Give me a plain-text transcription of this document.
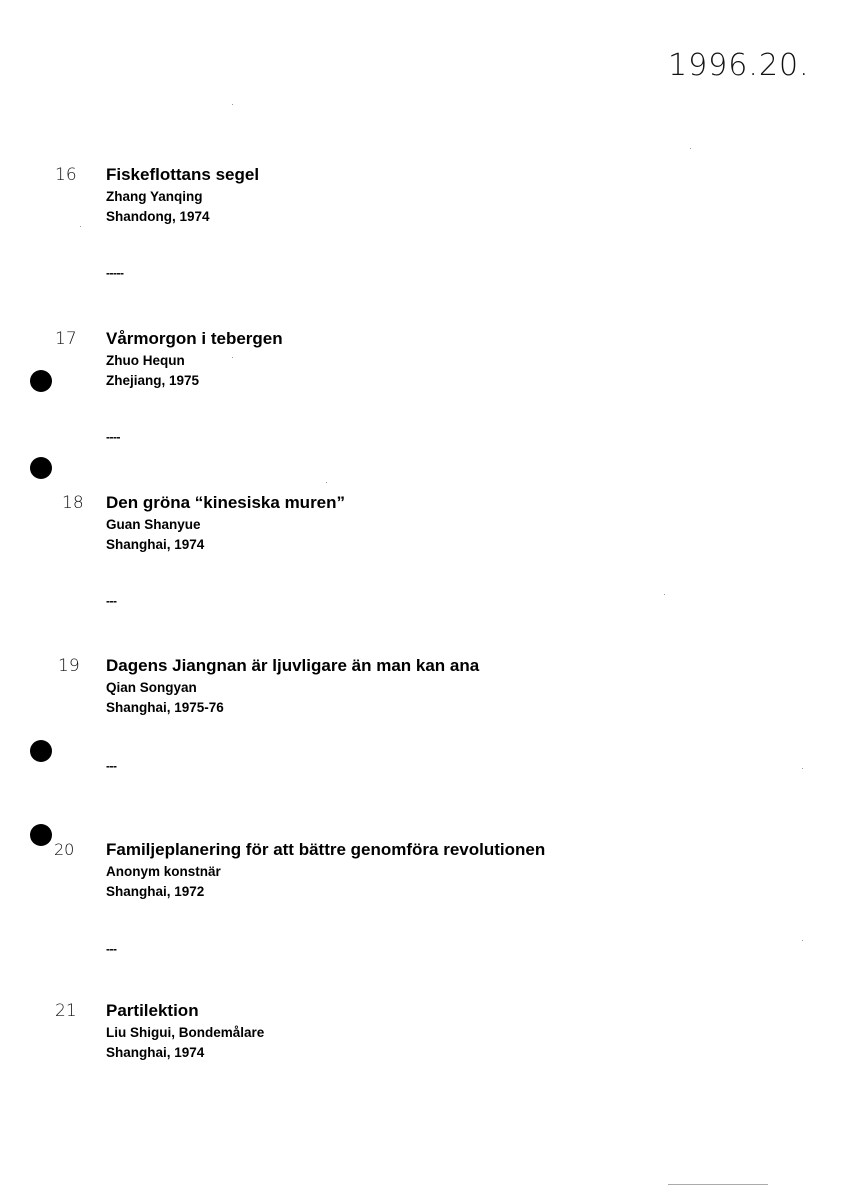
1996.20.
16 Fiskeflottans segel
Zhang Yanqing
Shandong, 1974
-----
17 Vårmorgon i tebergen
Zhuo Hequn
Zhejiang, 1975
----
18 Den gröna “kinesiska muren”
Guan Shanyue
Shanghai, 1974
---
19 Dagens Jiangnan är ljuvligare än man kan ana
Qian Songyan
Shanghai, 1975-76
---
20 Familjeplanering för att bättre genomföra revolutionen
Anonym konstnär
Shanghai, 1972
---
21 Partilektion
Liu Shigui, Bondemålare
Shanghai, 1974
